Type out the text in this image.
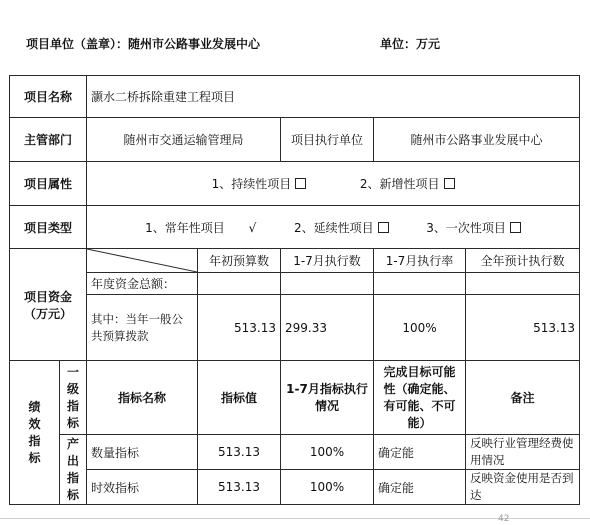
项目单位（盖章）：随州市公路事业发展中心	单位：万元
项目名称		灏水二桥拆除重建工程项目				
主管部门		随州市交通运输管理局		项目执行单位	随州市公路事业发展中心	
项目属性		1、持续性项目 2、新增性项目				
项目类型		1、常年性项目 √ 2、延续性项目 3、一次性项目				

项目资金
（万元）			年初预算数	1-7月执行数	1-7月执行率	全年预计执行数
		年度资金总额：				
		其中：当年一般公共预算拨款	513.13	299.33	100%	513.13

绩效指标	一级指标	指标名称	指标值	1-7月指标执行情况	完成目标可能性（确定能、有可能、不可能）	备注

	产出指标	数量指标	513.13	100%	确定能	反映行业管理经费使用情况
		时效指标	513.13	100%	确定能	反映资金使用是否到达
42
